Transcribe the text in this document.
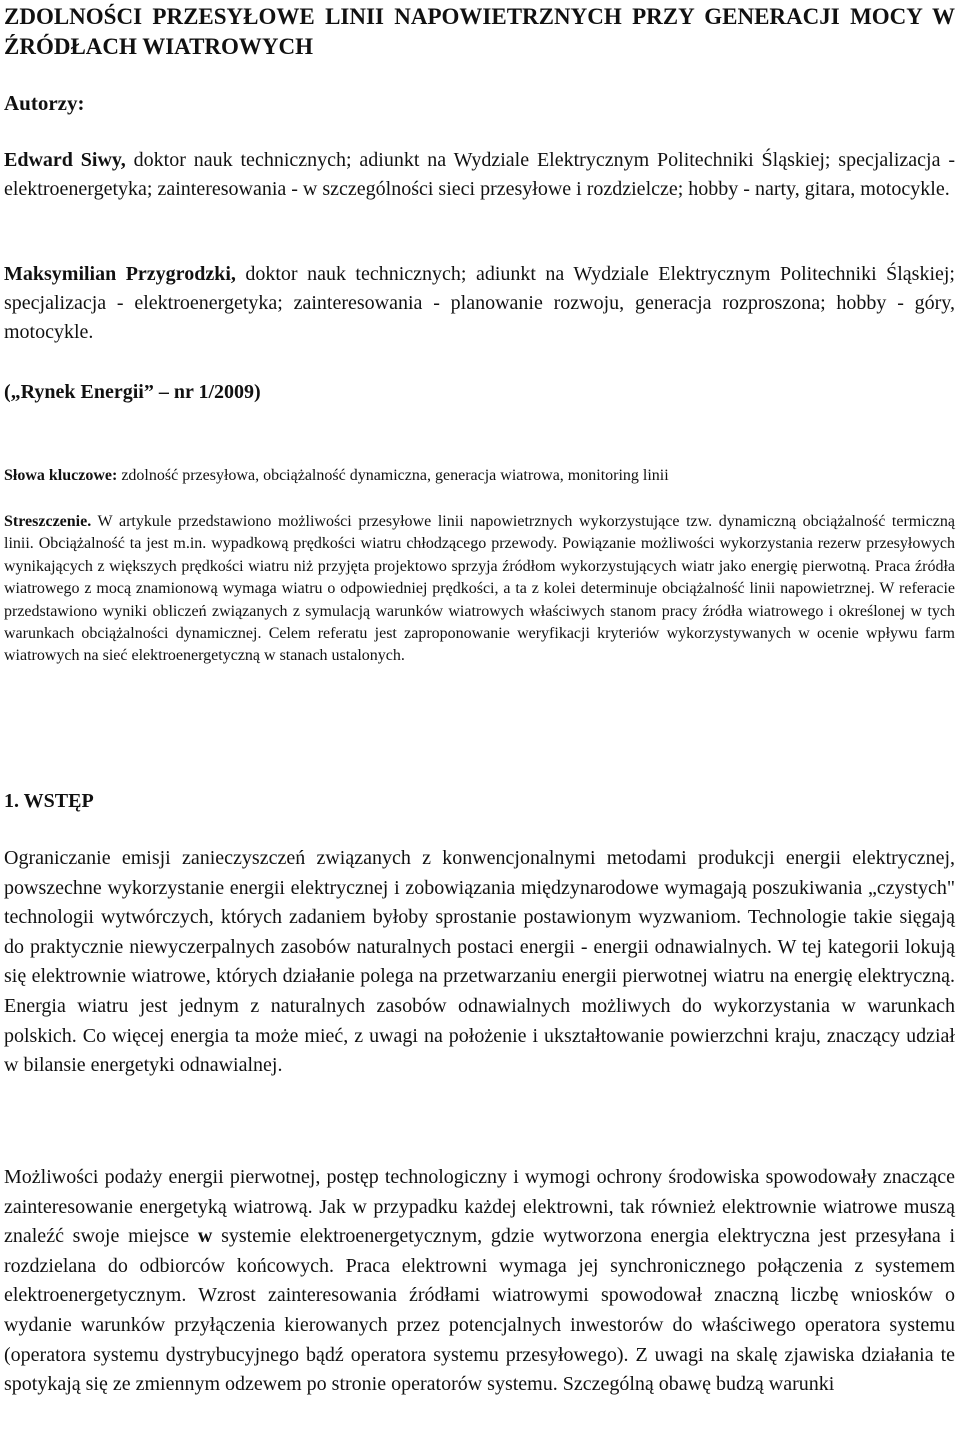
ZDOLNOŚCI PRZESYŁOWE LINII NAPOWIETRZNYCH PRZY GENERACJI MOCY W ŹRÓDŁACH WIATROWYCH

Autorzy:

Edward Siwy, doktor nauk technicznych; adiunkt na Wydziale Elektrycznym Politechniki Śląskiej; specjalizacja - elektroenergetyka; zainteresowania - w szczególności sieci przesyłowe i rozdzielcze; hobby - narty, gitara, motocykle.

Maksymilian Przygrodzki, doktor nauk technicznych; adiunkt na Wydziale Elektrycznym Politechniki Śląskiej; specjalizacja - elektroenergetyka; zainteresowania - planowanie rozwoju, generacja rozproszona; hobby - góry, motocykle.

(„Rynek Energii” – nr 1/2009)

Słowa kluczowe: zdolność przesyłowa, obciążalność dynamiczna, generacja wiatrowa, monitoring linii

Streszczenie. W artykule przedstawiono możliwości przesyłowe linii napowietrznych wykorzystujące tzw. dynamiczną obciążalność termiczną linii. Obciążalność ta jest m.in. wypadkową prędkości wiatru chłodzącego przewody. Powiązanie możliwości wykorzystania rezerw przesyłowych wynikających z większych prędkości wiatru niż przyjęta projektowo sprzyja źródłom wykorzystujących wiatr jako energię pierwotną. Praca źródła wiatrowego z mocą znamionową wymaga wiatru o odpowiedniej prędkości, a ta z kolei determinuje obciążalność linii napowietrznej. W referacie przedstawiono wyniki obliczeń związanych z symulacją warunków wiatrowych właściwych stanom pracy źródła wiatrowego i określonej w tych warunkach obciążalności dynamicznej. Celem referatu jest zaproponowanie weryfikacji kryteriów wykorzystywanych w ocenie wpływu farm wiatrowych na sieć elektroenergetyczną w stanach ustalonych.

1. WSTĘP

Ograniczanie emisji zanieczyszczeń związanych z konwencjonalnymi metodami produkcji energii elektrycznej, powszechne wykorzystanie energii elektrycznej i zobowiązania międzynarodowe wymagają poszukiwania „czystych" technologii wytwórczych, których zadaniem byłoby sprostanie postawionym wyzwaniom. Technologie takie sięgają do praktycznie niewyczerpalnych zasobów naturalnych postaci energii - energii odnawialnych. W tej kategorii lokują się elektrownie wiatrowe, których działanie polega na przetwarzaniu energii pierwotnej wiatru na energię elektryczną. Energia wiatru jest jednym z naturalnych zasobów odnawialnych możliwych do wykorzystania w warunkach polskich. Co więcej energia ta może mieć, z uwagi na położenie i ukształtowanie powierzchni kraju, znaczący udział w bilansie energetyki odnawialnej.

Możliwości podaży energii pierwotnej, postęp technologiczny i wymogi ochrony środowiska spowodowały znaczące zainteresowanie energetyką wiatrową. Jak w przypadku każdej elektrowni, tak również elektrownie wiatrowe muszą znaleźć swoje miejsce w systemie elektroenergetycznym, gdzie wytworzona energia elektryczna jest przesyłana i rozdzielana do odbiorców końcowych. Praca elektrowni wymaga jej synchronicznego połączenia z systemem elektroenergetycznym. Wzrost zainteresowania źródłami wiatrowymi spowodował znaczną liczbę wniosków o wydanie warunków przyłączenia kierowanych przez potencjalnych inwestorów do właściwego operatora systemu (operatora systemu dystrybucyjnego bądź operatora systemu przesyłowego). Z uwagi na skalę zjawiska działania te spotykają się ze zmiennym odzewem po stronie operatorów systemu. Szczególną obawę budzą warunki
